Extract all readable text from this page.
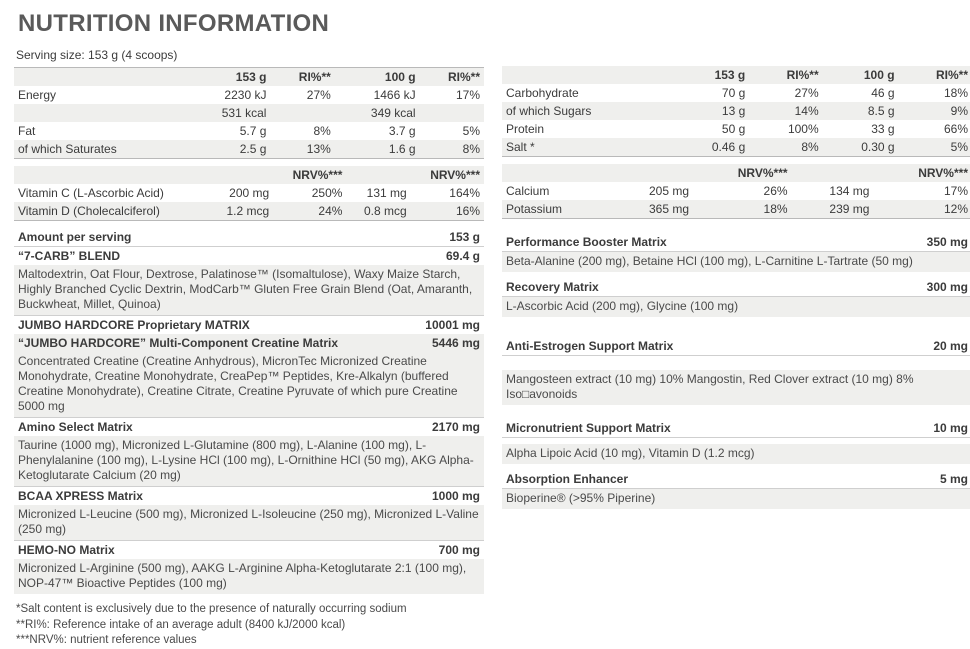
NUTRITION INFORMATION
Serving size: 153 g (4 scoops)
	153 g	RI%**	100 g	RI%**
Energy	2230 kJ	27%	1466 kJ	17%
	531 kcal		349 kcal	
Fat	5.7 g	8%	3.7 g	5%
of which Saturates	2.5 g	13%	1.6 g	8%
		NRV%***		NRV%***
Vitamin C (L-Ascorbic Acid)	200 mg	250%	131 mg	164%
Vitamin D (Cholecalciferol)	1.2 mcg	24%	0.8 mcg	16%
Amount per serving	153 g
“7-CARB” BLEND	69.4 g
Maltodextrin, Oat Flour, Dextrose, Palatinose™ (Isomaltulose), Waxy Maize Starch, Highly Branched Cyclic Dextrin, ModCarb™ Gluten Free Grain Blend (Oat, Amaranth, Buckwheat, Millet, Quinoa)
JUMBO HARDCORE Proprietary MATRIX	10001 mg
“JUMBO HARDCORE” Multi-Component Creatine Matrix	5446 mg
Concentrated Creatine (Creatine Anhydrous), MicronTec Micronized Creatine Monohydrate, Creatine Monohydrate, CreaPep™ Peptides, Kre-Alkalyn (buffered Creatine Monohydrate), Creatine Citrate, Creatine Pyruvate of which pure Creatine 5000 mg
Amino Select Matrix	2170 mg
Taurine (1000 mg), Micronized L-Glutamine (800 mg), L-Alanine (100 mg), L-Phenylalanine (100 mg), L-Lysine HCl (100 mg), L-Ornithine HCl (50 mg), AKG Alpha-Ketoglutarate Calcium (20 mg)
BCAA XPRESS Matrix	1000 mg
Micronized L-Leucine (500 mg), Micronized L-Isoleucine (250 mg), Micronized L-Valine (250 mg)
HEMO-NO Matrix	700 mg
Micronized L-Arginine (500 mg), AAKG L-Arginine Alpha-Ketoglutarate 2:1 (100 mg), NOP-47™ Bioactive Peptides (100 mg)
	153 g	RI%**	100 g	RI%**
Carbohydrate	70 g	27%	46 g	18%
of which Sugars	13 g	14%	8.5 g	9%
Protein	50 g	100%	33 g	66%
Salt *	0.46 g	8%	0.30 g	5%
		NRV%***		NRV%***
Calcium	205 mg	26%	134 mg	17%
Potassium	365 mg	18%	239 mg	12%
Performance Booster Matrix	350 mg
Beta-Alanine (200 mg), Betaine HCl (100 mg), L-Carnitine L-Tartrate (50 mg)
Recovery Matrix	300 mg
L-Ascorbic Acid (200 mg), Glycine (100 mg)
Anti-Estrogen Support Matrix	20 mg
Mangosteen extract (10 mg) 10% Mangostin, Red Clover extract (10 mg) 8% Iso□avonoids
Micronutrient Support Matrix	10 mg
Alpha Lipoic Acid (10 mg), Vitamin D (1.2 mcg)
Absorption Enhancer	5 mg
Bioperine® (>95% Piperine)
*Salt content is exclusively due to the presence of naturally occurring sodium
**RI%: Reference intake of an average adult (8400 kJ/2000 kcal)
***NRV%: nutrient reference values
